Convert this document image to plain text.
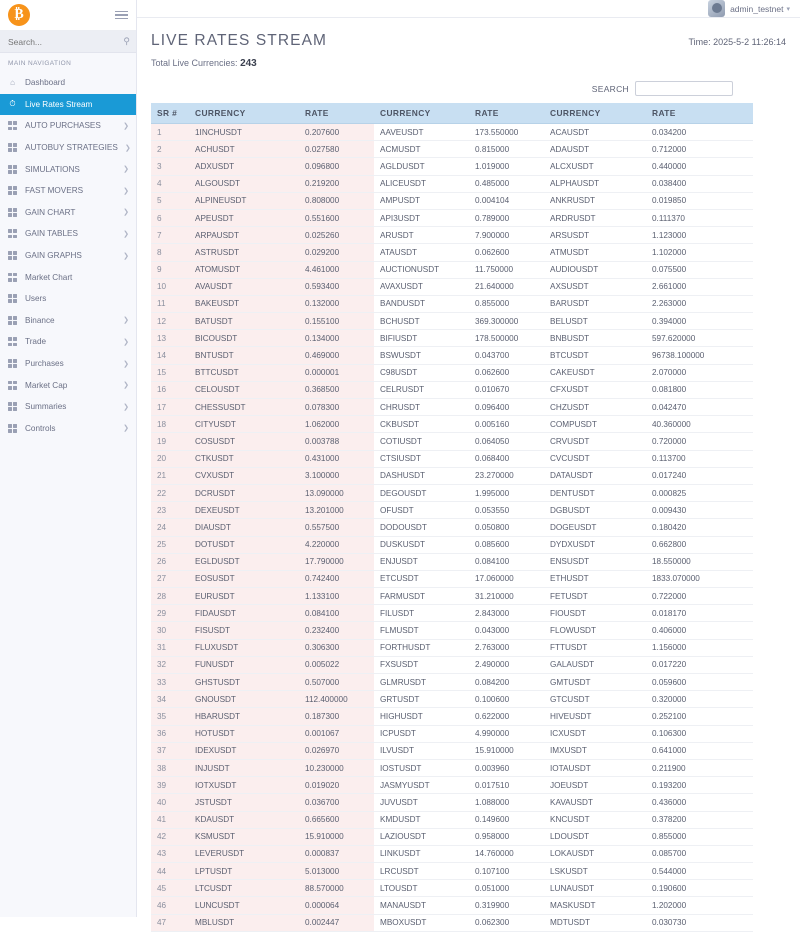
₿
Search...
⚲
MAIN NAVIGATION
⌂	Dashboard
⏱ Live Rates Stream
AUTO PURCHASES	❯
AUTOBUY STRATEGIES ❯
SIMULATIONS	❯
FAST MOVERS	❯
GAIN CHART	❯
GAIN TABLES	❯
GAIN GRAPHS	❯
Market Chart
Users
Binance	❯
Trade	❯
Purchases	❯
Market Cap	❯
Summaries	❯
Controls	❯
admin_testnet ▾
LIVE RATES STREAM	Time: 2025-5-2 11:26:14
Total Live Currencies: 243
SEARCH
SR #	CURRENCY	RATE	CURRENCY	RATE	CURRENCY	RATE
1	1INCHUSDT	0.207600	AAVEUSDT	173.550000	ACAUSDT	0.034200
2	ACHUSDT	0.027580	ACMUSDT	0.815000	ADAUSDT	0.712000
3	ADXUSDT	0.096800	AGLDUSDT	1.019000	ALCXUSDT	0.440000
4	ALGOUSDT	0.219200	ALICEUSDT	0.485000	ALPHAUSDT	0.038400
5	ALPINEUSDT	0.808000	AMPUSDT	0.004104	ANKRUSDT	0.019850
6	APEUSDT	0.551600	API3USDT	0.789000	ARDRUSDT	0.111370
7	ARPAUSDT	0.025260	ARUSDT	7.900000	ARSUSDT	1.123000
8	ASTRUSDT	0.029200	ATAUSDT	0.062600	ATMUSDT	1.102000
9	ATOMUSDT	4.461000	AUCTIONUSDT	11.750000	AUDIOUSDT	0.075500
10	AVAUSDT	0.593400	AVAXUSDT	21.640000	AXSUSDT	2.661000
11	BAKEUSDT	0.132000	BANDUSDT	0.855000	BARUSDT	2.263000
12	BATUSDT	0.155100	BCHUSDT	369.300000	BELUSDT	0.394000
13	BICOUSDT	0.134000	BIFIUSDT	178.500000	BNBUSDT	597.620000
14	BNTUSDT	0.469000	BSWUSDT	0.043700	BTCUSDT	96738.100000
15	BTTCUSDT	0.000001	C98USDT	0.062600	CAKEUSDT	2.070000
16	CELOUSDT	0.368500	CELRUSDT	0.010670	CFXUSDT	0.081800
17	CHESSUSDT	0.078300	CHRUSDT	0.096400	CHZUSDT	0.042470
18	CITYUSDT	1.062000	CKBUSDT	0.005160	COMPUSDT	40.360000
19	COSUSDT	0.003788	COTIUSDT	0.064050	CRVUSDT	0.720000
20	CTKUSDT	0.431000	CTSIUSDT	0.068400	CVCUSDT	0.113700
21	CVXUSDT	3.100000	DASHUSDT	23.270000	DATAUSDT	0.017240
22	DCRUSDT	13.090000	DEGOUSDT	1.995000	DENTUSDT	0.000825
23	DEXEUSDT	13.201000	OFUSDT	0.053550	DGBUSDT	0.009430
24	DIAUSDT	0.557500	DODOUSDT	0.050800	DOGEUSDT	0.180420
25	DOTUSDT	4.220000	DUSKUSDT	0.085600	DYDXUSDT	0.662800
26	EGLDUSDT	17.790000	ENJUSDT	0.084100	ENSUSDT	18.550000
27	EOSUSDT	0.742400	ETCUSDT	17.060000	ETHUSDT	1833.070000
28	EURUSDT	1.133100	FARMUSDT	31.210000	FETUSDT	0.722000
29	FIDAUSDT	0.084100	FILUSDT	2.843000	FIOUSDT	0.018170
30	FISUSDT	0.232400	FLMUSDT	0.043000	FLOWUSDT	0.406000
31	FLUXUSDT	0.306300	FORTHUSDT	2.763000	FTTUSDT	1.156000
32	FUNUSDT	0.005022	FXSUSDT	2.490000	GALAUSDT	0.017220
33	GHSTUSDT	0.507000	GLMRUSDT	0.084200	GMTUSDT	0.059600
34	GNOUSDT	112.400000	GRTUSDT	0.100600	GTCUSDT	0.320000
35	HBARUSDT	0.187300	HIGHUSDT	0.622000	HIVEUSDT	0.252100
36	HOTUSDT	0.001067	ICPUSDT	4.990000	ICXUSDT	0.106300
37	IDEXUSDT	0.026970	ILVUSDT	15.910000	IMXUSDT	0.641000
38	INJUSDT	10.230000	IOSTUSDT	0.003960	IOTAUSDT	0.211900
39	IOTXUSDT	0.019020	JASMYUSDT	0.017510	JOEUSDT	0.193200
40	JSTUSDT	0.036700	JUVUSDT	1.088000	KAVAUSDT	0.436000
41	KDAUSDT	0.665600	KMDUSDT	0.149600	KNCUSDT	0.378200
42	KSMUSDT	15.910000	LAZIOUSDT	0.958000	LDOUSDT	0.855000
43	LEVERUSDT	0.000837	LINKUSDT	14.760000	LOKAUSDT	0.085700
44	LPTUSDT	5.013000	LRCUSDT	0.107100	LSKUSDT	0.544000
45	LTCUSDT	88.570000	LTOUSDT	0.051000	LUNAUSDT	0.190600
46	LUNCUSDT	0.000064	MANAUSDT	0.319900	MASKUSDT	1.202000
47	MBLUSDT	0.002447	MBOXUSDT	0.062300	MDTUSDT	0.030730
